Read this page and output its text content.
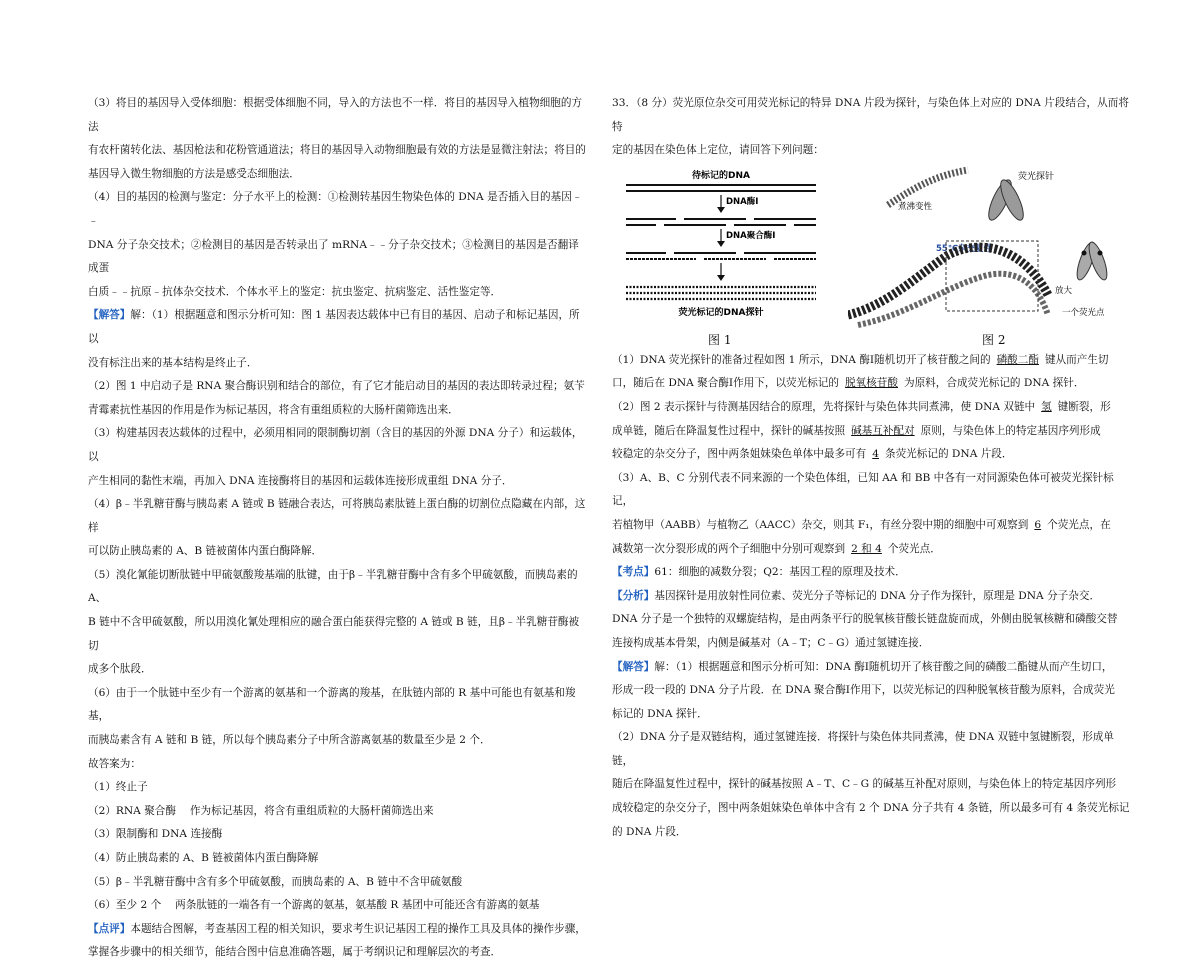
（3）将目的基因导入受体细胞：根据受体细胞不同，导入的方法也不一样．将目的基因导入植物细胞的方法

有农杆菌转化法、基因枪法和花粉管通道法；将目的基因导入动物细胞最有效的方法是显微注射法；将目的

基因导入微生物细胞的方法是感受态细胞法．

（4）目的基因的检测与鉴定：分子水平上的检测：①检测转基因生物染色体的 DNA 是否插入目的基因﹣﹣

DNA 分子杂交技术；②检测目的基因是否转录出了 mRNA﹣﹣分子杂交技术；③检测目的基因是否翻译成蛋

白质﹣﹣抗原﹣抗体杂交技术．个体水平上的鉴定：抗虫鉴定、抗病鉴定、活性鉴定等．

【解答】解：（1）根据题意和图示分析可知：图 1 基因表达载体中已有目的基因、启动子和标记基因，所以

没有标注出来的基本结构是终止子．

（2）图 1 中启动子是 RNA 聚合酶识别和结合的部位，有了它才能启动目的基因的表达即转录过程；氨苄

青霉素抗性基因的作用是作为标记基因，将含有重组质粒的大肠杆菌筛选出来．

（3）构建基因表达载体的过程中，必须用相同的限制酶切割（含目的基因的外源 DNA 分子）和运载体，以

产生相同的黏性末端，再加入 DNA 连接酶将目的基因和运载体连接形成重组 DNA 分子．

（4）β﹣半乳糖苷酶与胰岛素 A 链或 B 链融合表达，可将胰岛素肽链上蛋白酶的切割位点隐藏在内部，这样

可以防止胰岛素的 A、B 链被菌体内蛋白酶降解．

（5）溴化氰能切断肽链中甲硫氨酸羧基端的肽键，由于β﹣半乳糖苷酶中含有多个甲硫氨酸，而胰岛素的 A、

B 链中不含甲硫氨酸，所以用溴化氰处理相应的融合蛋白能获得完整的 A 链或 B 链，且β﹣半乳糖苷酶被切

成多个肽段．

（6）由于一个肽链中至少有一个游离的氨基和一个游离的羧基，在肽链内部的 R 基中可能也有氨基和羧基，

而胰岛素含有 A 链和 B 链，所以每个胰岛素分子中所含游离氨基的数量至少是 2 个．

故答案为：

（1）终止子

（2）RNA 聚合酶　 作为标记基因，将含有重组质粒的大肠杆菌筛选出来

（3）限制酶和 DNA 连接酶

（4）防止胰岛素的 A、B 链被菌体内蛋白酶降解

（5）β﹣半乳糖苷酶中含有多个甲硫氨酸，而胰岛素的 A、B 链中不含甲硫氨酸

（6）至少 2 个　 两条肽链的一端各有一个游离的氨基，氨基酸 R 基团中可能还含有游离的氨基

【点评】本题结合图解，考查基因工程的相关知识，要求考生识记基因工程的操作工具及具体的操作步骤，

掌握各步骤中的相关细节，能结合图中信息准确答题，属于考纲识记和理解层次的考查．

33．（8 分）荧光原位杂交可用荧光标记的特异 DNA 片段为探针，与染色体上对应的 DNA 片段结合，从而将特

定的基因在染色体上定位，请回答下列问题：

待标记的DNA
DNA酶Ⅰ
DNA聚合酶Ⅰ
荧光标记的DNA探针
图 1
荧光探针
煮沸变性
55℃杂交复性
放大
一个荧光点
图 2

（1）DNA 荧光探针的准备过程如图 1 所示，DNA 酶Ⅰ随机切开了核苷酸之间的 磷酸二酯 键从而产生切

口，随后在 DNA 聚合酶Ⅰ作用下，以荧光标记的 脱氧核苷酸 为原料，合成荧光标记的 DNA 探针．

（2）图 2 表示探针与待测基因结合的原理，先将探针与染色体共同煮沸，使 DNA 双链中 氢 键断裂，形

成单链，随后在降温复性过程中，探针的碱基按照 碱基互补配对 原则，与染色体上的特定基因序列形成

较稳定的杂交分子，图中两条姐妹染色单体中最多可有 4 条荧光标记的 DNA 片段．

（3）A、B、C 分别代表不同来源的一个染色体组，已知 AA 和 BB 中各有一对同源染色体可被荧光探针标记，

若植物甲（AABB）与植物乙（AACC）杂交，则其 F₁，有丝分裂中期的细胞中可观察到 6 个荧光点，在

减数第一次分裂形成的两个子细胞中分别可观察到 2 和 4 个荧光点．

【考点】61：细胞的减数分裂；Q2：基因工程的原理及技术．

【分析】基因探针是用放射性同位素、荧光分子等标记的 DNA 分子作为探针，原理是 DNA 分子杂交．

DNA 分子是一个独特的双螺旋结构，是由两条平行的脱氧核苷酸长链盘旋而成，外侧由脱氧核糖和磷酸交替

连接构成基本骨架，内侧是碱基对（A﹣T；C﹣G）通过氢键连接．

【解答】解：（1）根据题意和图示分析可知：DNA 酶Ⅰ随机切开了核苷酸之间的磷酸二酯键从而产生切口，

形成一段一段的 DNA 分子片段．在 DNA 聚合酶Ⅰ作用下，以荧光标记的四种脱氧核苷酸为原料，合成荧光

标记的 DNA 探针．

（2）DNA 分子是双链结构，通过氢键连接．将探针与染色体共同煮沸，使 DNA 双链中氢键断裂，形成单链，

随后在降温复性过程中，探针的碱基按照 A﹣T、C﹣G 的碱基互补配对原则，与染色体上的特定基因序列形

成较稳定的杂交分子，图中两条姐妹染色单体中含有 2 个 DNA 分子共有 4 条链，所以最多可有 4 条荧光标记

的 DNA 片段．
